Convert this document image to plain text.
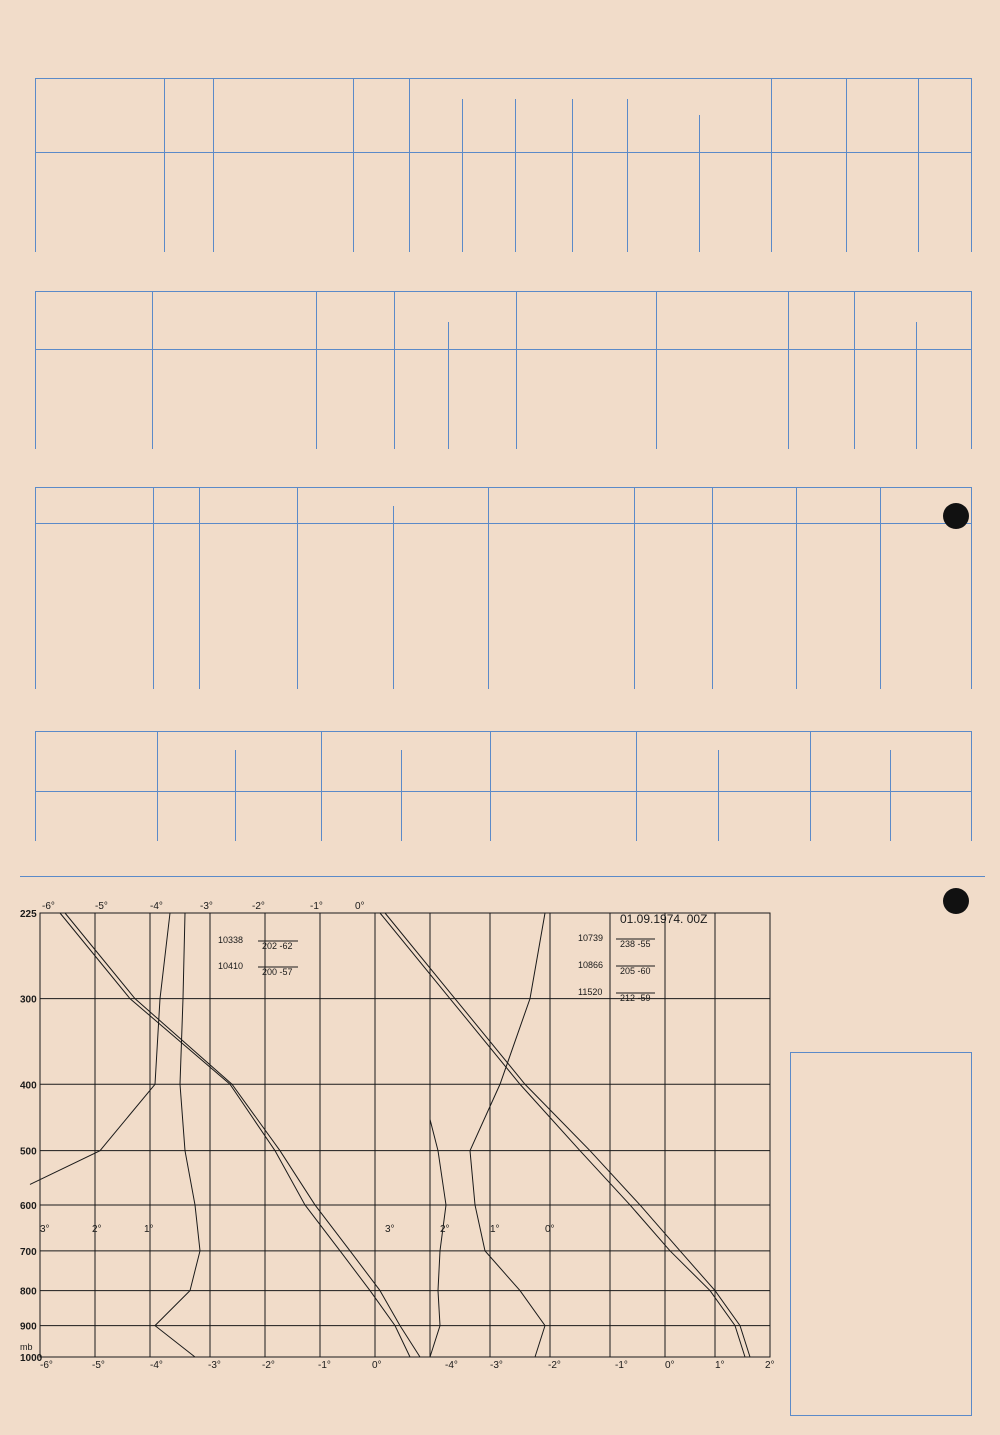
225
300
400
500
600
700
800
900
1000
mb
-6°
-6°
-5°
-5°
-4°
-4°
-3°
-3°
-2°
-2°
-1°
-1°
0°
0°	-4°	-3°	-2°	-1°	0°	1°	2°
3°	3°
2°	2°
1°	1°	0°
01.09.1974. 00Z
10338
202 -62
10410
200 -57
10739
238 -55
10866
205 -60
11520
212 -59
